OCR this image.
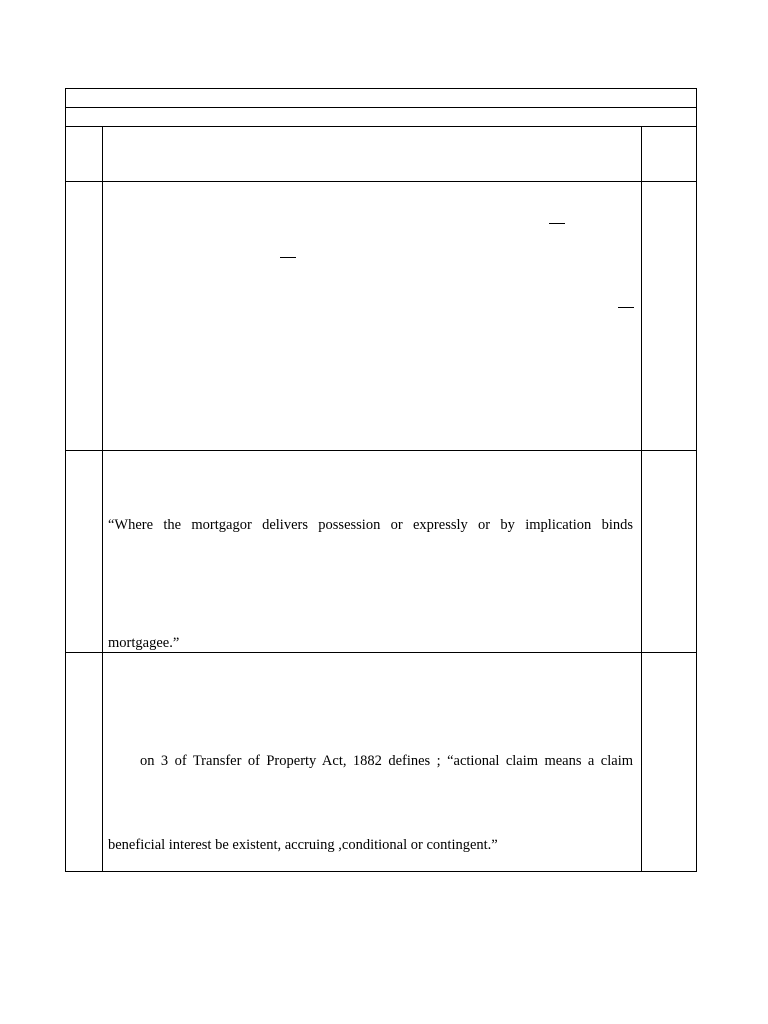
“Where the mortgagor delivers possession or expressly or by implication binds
mortgagee.”
on 3 of Transfer of Property Act, 1882 defines ; “actional claim means a claim
beneficial interest be existent, accruing ,conditional or contingent.”
